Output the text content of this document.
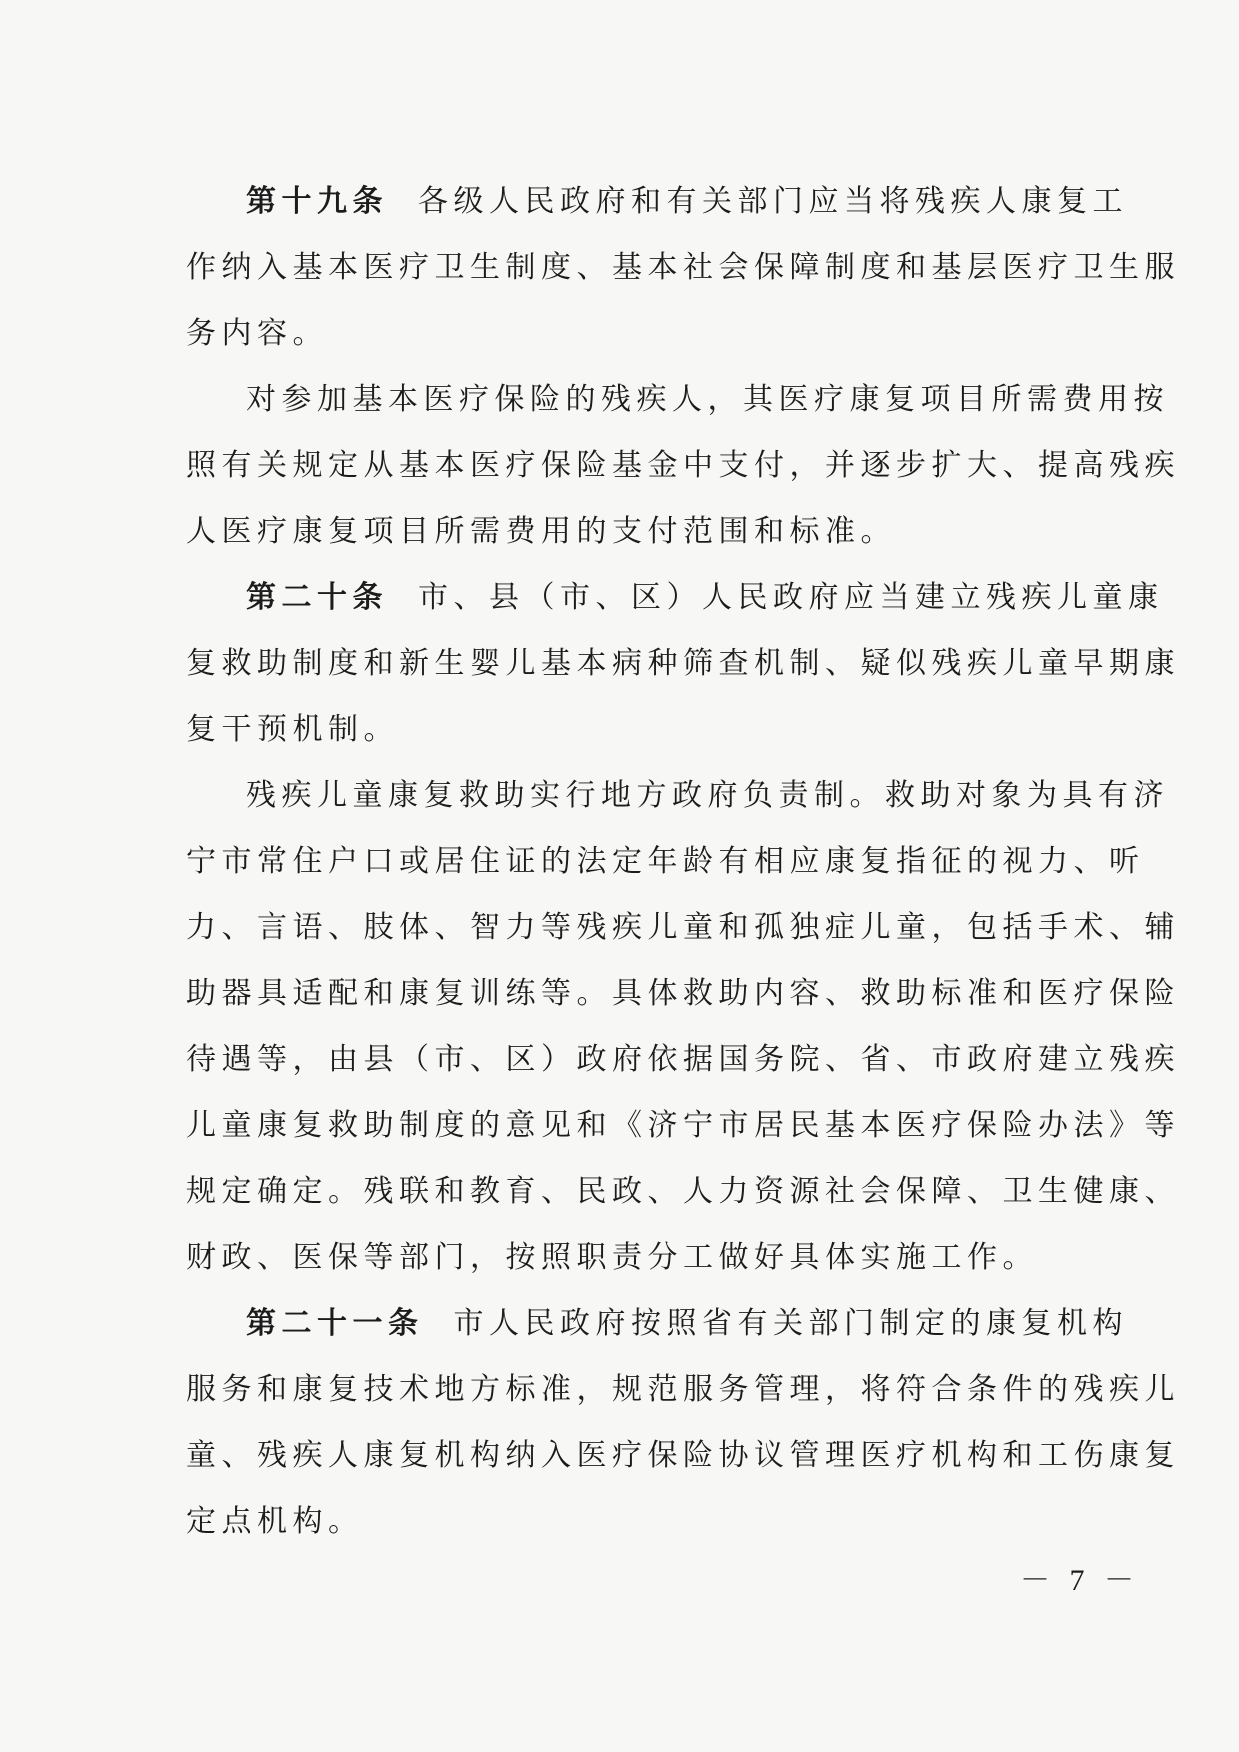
第十九条 各级人民政府和有关部门应当将残疾人康复工
作纳入基本医疗卫生制度、基本社会保障制度和基层医疗卫生服
务内容。
对参加基本医疗保险的残疾人，其医疗康复项目所需费用按
照有关规定从基本医疗保险基金中支付，并逐步扩大、提高残疾
人医疗康复项目所需费用的支付范围和标准。
第二十条 市、县（市、区）人民政府应当建立残疾儿童康
复救助制度和新生婴儿基本病种筛查机制、疑似残疾儿童早期康
复干预机制。
残疾儿童康复救助实行地方政府负责制。救助对象为具有济
宁市常住户口或居住证的法定年龄有相应康复指征的视力、听
力、言语、肢体、智力等残疾儿童和孤独症儿童，包括手术、辅
助器具适配和康复训练等。具体救助内容、救助标准和医疗保险
待遇等，由县（市、区）政府依据国务院、省、市政府建立残疾
儿童康复救助制度的意见和《济宁市居民基本医疗保险办法》等
规定确定。残联和教育、民政、人力资源社会保障、卫生健康、
财政、医保等部门，按照职责分工做好具体实施工作。
第二十一条 市人民政府按照省有关部门制定的康复机构
服务和康复技术地方标准，规范服务管理，将符合条件的残疾儿
童、残疾人康复机构纳入医疗保险协议管理医疗机构和工伤康复
定点机构。
－ 7 －
